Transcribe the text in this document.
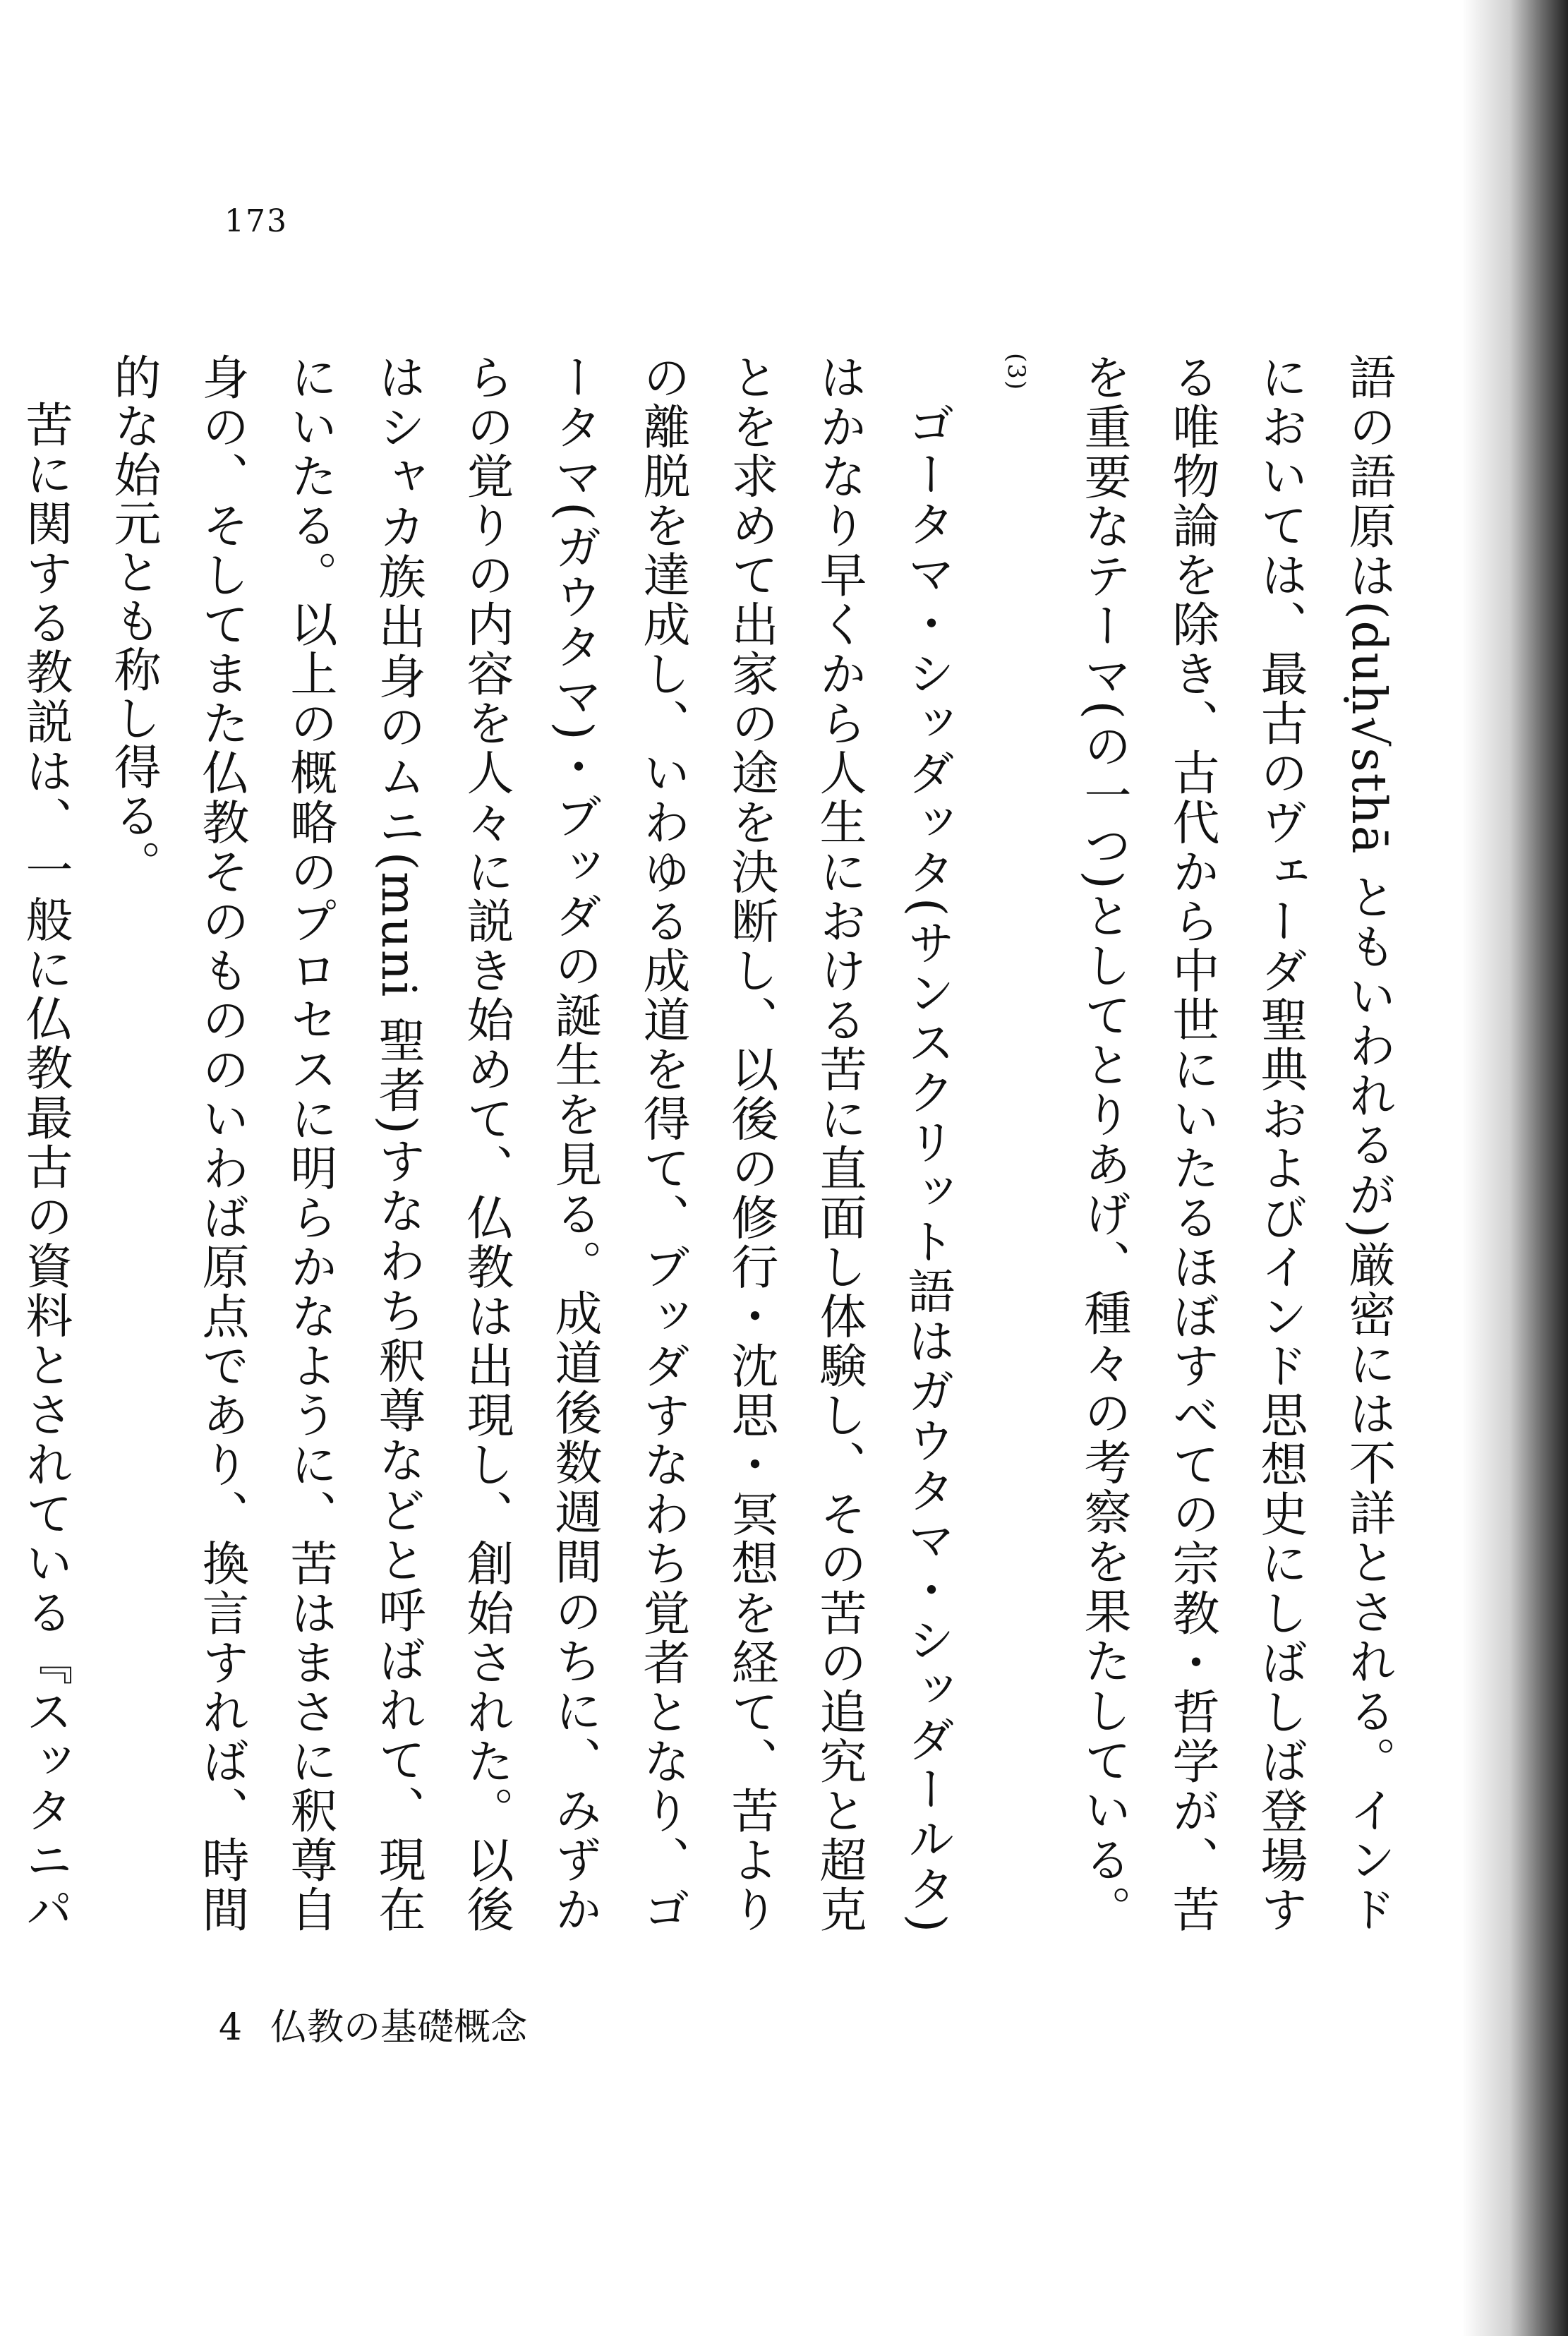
173

語の語原は(duḥ√sthā ともいわれるが)厳密には不詳とされる。インドにおいては、最古のヴェーダ聖典およびインド思想史にしばしば登場する唯物論を除き、古代から中世にいたるほぼすべての宗教・哲学が、苦を重要なテーマ(の一つ)としてとりあげ、種々の考察を果たしている。(3)

ゴータマ・シッダッタ(サンスクリット語はガウタマ・シッダールタ)はかなり早くから人生における苦に直面し体験し、その苦の追究と超克とを求めて出家の途を決断し、以後の修行・沈思・冥想を経て、苦よりの離脱を達成し、いわゆる成道を得て、ブッダすなわち覚者となり、ゴータマ(ガウタマ)・ブッダの誕生を見る。成道後数週間のちに、みずからの覚りの内容を人々に説き始めて、仏教は出現し、創始された。以後はシャカ族出身のムニ(muni 聖者)すなわち釈尊などと呼ばれて、現在にいたる。以上の概略のプロセスに明らかなように、苦はまさに釈尊自身の、そしてまた仏教そのもののいわば原点であり、換言すれば、時間的な始元とも称し得る。

苦に関する教説は、一般に仏教最古の資料とされている『スッタニパ

4 仏教の基礎概念
